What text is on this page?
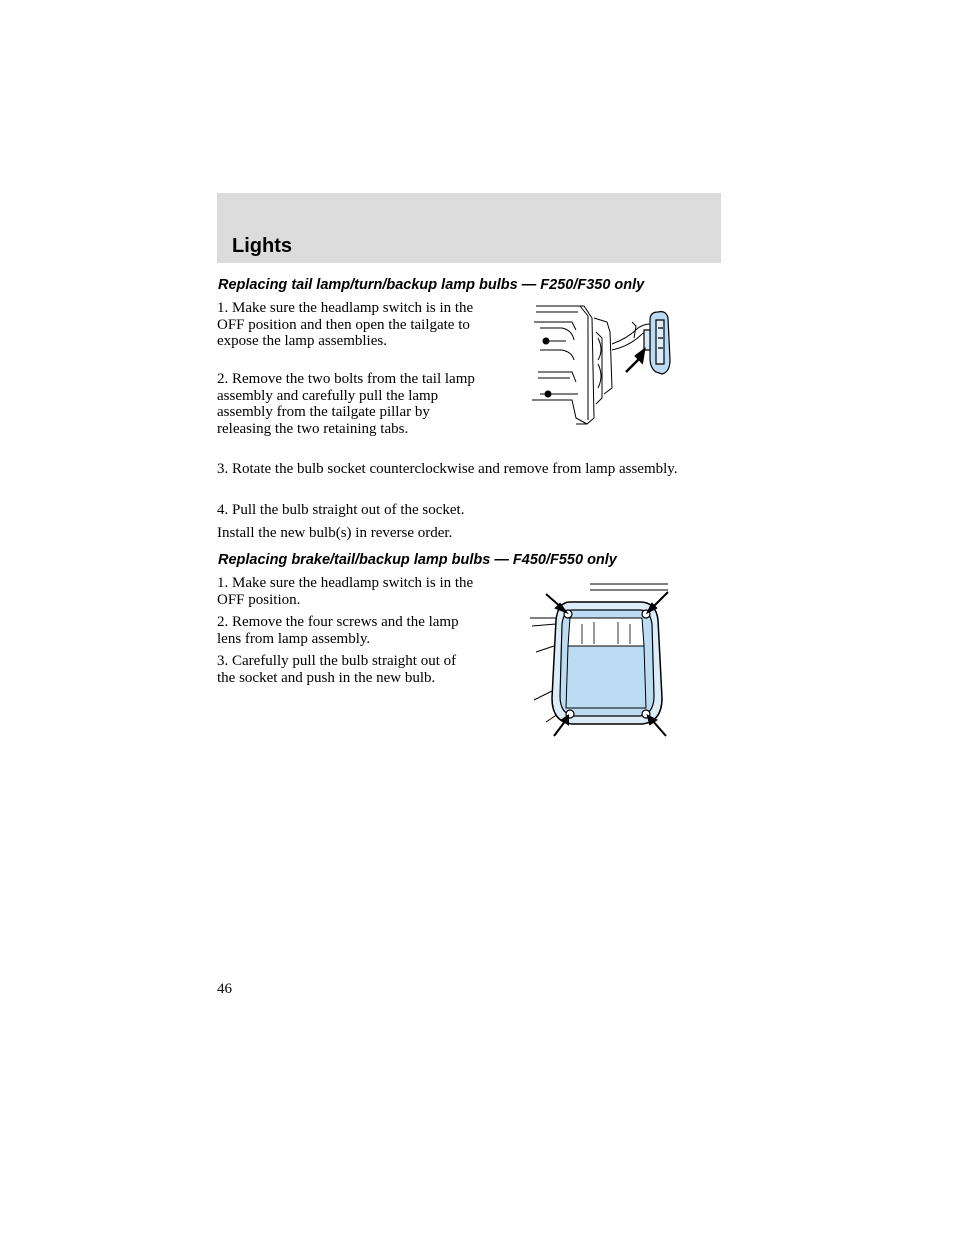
Lights
Replacing tail lamp/turn/backup lamp bulbs — F250/F350 only

1. Make sure the headlamp switch is in the OFF position and then open the tailgate to expose the lamp assemblies.

2. Remove the two bolts from the tail lamp assembly and carefully pull the lamp assembly from the tailgate pillar by releasing the two retaining tabs.

3. Rotate the bulb socket counterclockwise and remove from lamp assembly.

4. Pull the bulb straight out of the socket.

Install the new bulb(s) in reverse order.

Replacing brake/tail/backup lamp bulbs — F450/F550 only

1. Make sure the headlamp switch is in the OFF position.

2. Remove the four screws and the lamp lens from lamp assembly.

3. Carefully pull the bulb straight out of the socket and push in the new bulb.

46
